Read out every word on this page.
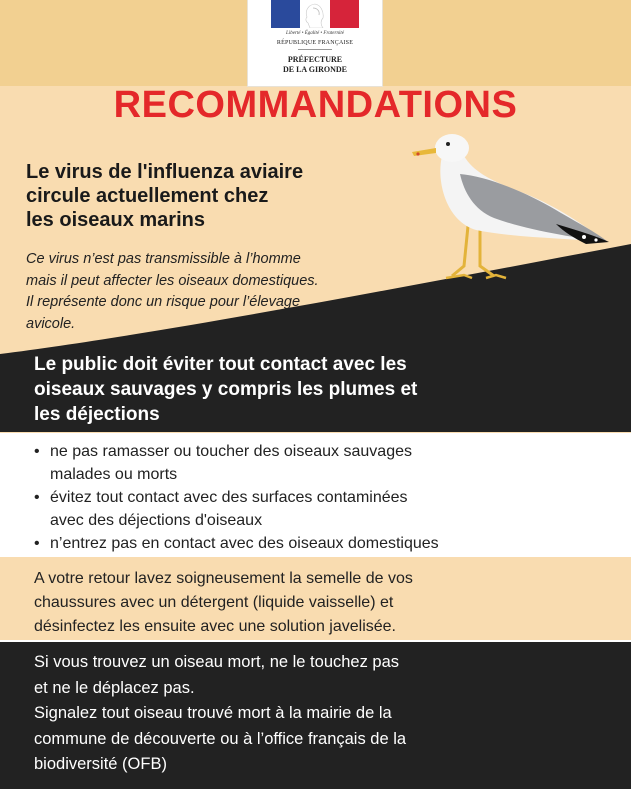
Liberté • Égalité • Fraternité
RÉPUBLIQUE FRANÇAISE
PRÉFECTURE
DE LA GIRONDE
RECOMMANDATIONS
Le virus de l'influenza aviaire
circule actuellement chez
les oiseaux marins
Ce virus n’est pas transmissible à l’homme
mais il peut affecter les oiseaux domestiques.
Il représente donc un risque pour l’élevage
avicole.
Le public doit éviter tout contact avec les
oiseaux sauvages y compris les plumes et
les déjections
• ne pas ramasser ou toucher des oiseaux sauvages
malades ou morts
• évitez tout contact avec des surfaces contaminées
avec des déjections d'oiseaux
• n’entrez pas en contact avec des oiseaux domestiques
A votre retour lavez soigneusement la semelle de vos
chaussures avec un détergent (liquide vaisselle) et
désinfectez les ensuite avec une solution javelisée.
Si vous trouvez un oiseau mort, ne le touchez pas
et ne le déplacez pas.
Signalez tout oiseau trouvé mort à la mairie de la
commune de découverte ou à l’office français de la
biodiversité (OFB)
